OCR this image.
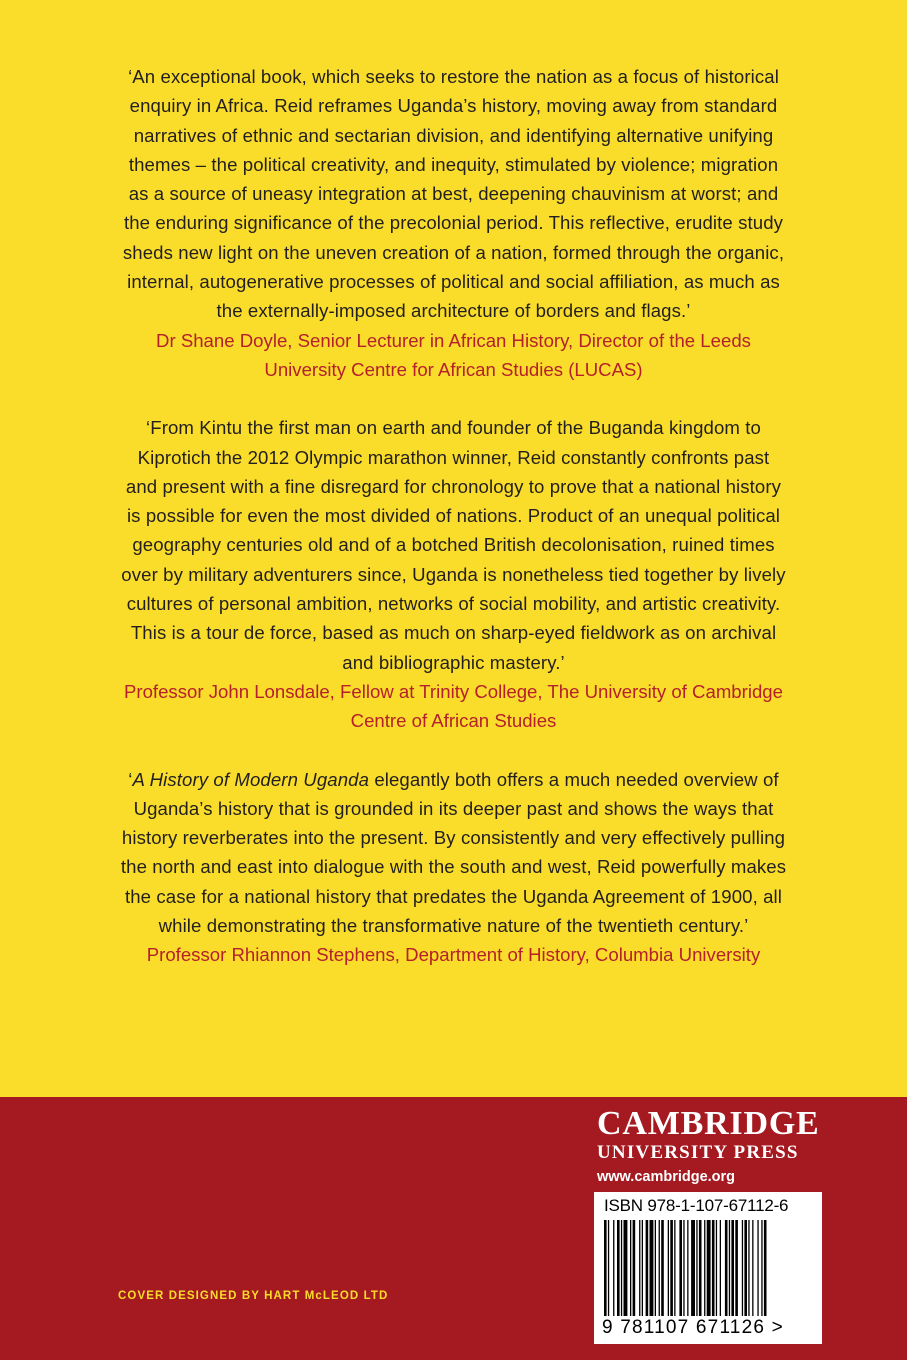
‘An exceptional book, which seeks to restore the nation as a focus of historical
enquiry in Africa. Reid reframes Uganda’s history, moving away from standard
narratives of ethnic and sectarian division, and identifying alternative unifying
themes – the political creativity, and inequity, stimulated by violence; migration
as a source of uneasy integration at best, deepening chauvinism at worst; and
the enduring significance of the precolonial period. This reflective, erudite study
sheds new light on the uneven creation of a nation, formed through the organic,
internal, autogenerative processes of political and social affiliation, as much as
the externally-imposed architecture of borders and flags.’

Dr Shane Doyle, Senior Lecturer in African History, Director of the Leeds
University Centre for African Studies (LUCAS)

‘From Kintu the first man on earth and founder of the Buganda kingdom to
Kiprotich the 2012 Olympic marathon winner, Reid constantly confronts past
and present with a fine disregard for chronology to prove that a national history
is possible for even the most divided of nations. Product of an unequal political
geography centuries old and of a botched British decolonisation, ruined times
over by military adventurers since, Uganda is nonetheless tied together by lively
cultures of personal ambition, networks of social mobility, and artistic creativity.
This is a tour de force, based as much on sharp-eyed fieldwork as on archival
and bibliographic mastery.’

Professor John Lonsdale, Fellow at Trinity College, The University of Cambridge
Centre of African Studies

‘A History of Modern Uganda elegantly both offers a much needed overview of
Uganda’s history that is grounded in its deeper past and shows the ways that
history reverberates into the present. By consistently and very effectively pulling
the north and east into dialogue with the south and west, Reid powerfully makes
the case for a national history that predates the Uganda Agreement of 1900, all
while demonstrating the transformative nature of the twentieth century.’

Professor Rhiannon Stephens, Department of History, Columbia University

CAMBRIDGE
UNIVERSITY PRESS
www.cambridge.org
ISBN 978-1-107-67112-6
9 781107 671126 >
COVER DESIGNED BY HART McLEOD LTD
